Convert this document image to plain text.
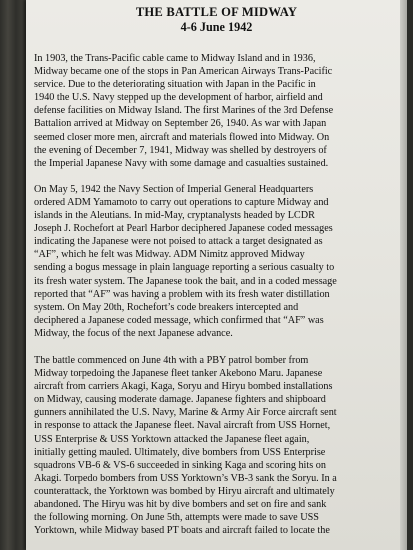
THE BATTLE OF MIDWAY
4-6 June 1942
In 1903, the Trans-Pacific cable came to Midway Island and in 1936,
Midway became one of the stops in Pan American Airways Trans-Pacific
service. Due to the deteriorating situation with Japan in the Pacific in
1940 the U.S. Navy stepped up the development of harbor, airfield and
defense facilities on Midway Island. The first Marines of the 3rd Defense
Battalion arrived at Midway on September 26, 1940. As war with Japan
seemed closer more men, aircraft and materials flowed into Midway. On
the evening of December 7, 1941, Midway was shelled by destroyers of
the Imperial Japanese Navy with some damage and casualties sustained.
On May 5, 1942 the Navy Section of Imperial General Headquarters
ordered ADM Yamamoto to carry out operations to capture Midway and
islands in the Aleutians. In mid-May, cryptanalysts headed by LCDR
Joseph J. Rochefort at Pearl Harbor deciphered Japanese coded messages
indicating the Japanese were not poised to attack a target designated as
“AF”, which he felt was Midway. ADM Nimitz approved Midway
sending a bogus message in plain language reporting a serious casualty to
its fresh water system. The Japanese took the bait, and in a coded message
reported that “AF” was having a problem with its fresh water distillation
system. On May 20th, Rochefort’s code breakers intercepted and
deciphered a Japanese coded message, which confirmed that “AF” was
Midway, the focus of the next Japanese advance.
The battle commenced on June 4th with a PBY patrol bomber from
Midway torpedoing the Japanese fleet tanker Akebono Maru. Japanese
aircraft from carriers Akagi, Kaga, Soryu and Hiryu bombed installations
on Midway, causing moderate damage. Japanese fighters and shipboard
gunners annihilated the U.S. Navy, Marine & Army Air Force aircraft sent
in response to attack the Japanese fleet. Naval aircraft from USS Hornet,
USS Enterprise & USS Yorktown attacked the Japanese fleet again,
initially getting mauled. Ultimately, dive bombers from USS Enterprise
squadrons VB-6 & VS-6 succeeded in sinking Kaga and scoring hits on
Akagi. Torpedo bombers from USS Yorktown’s VB-3 sank the Soryu. In a
counterattack, the Yorktown was bombed by Hiryu aircraft and ultimately
abandoned. The Hiryu was hit by dive bombers and set on fire and sank
the following morning. On June 5th, attempts were made to save USS
Yorktown, while Midway based PT boats and aircraft failed to locate the
